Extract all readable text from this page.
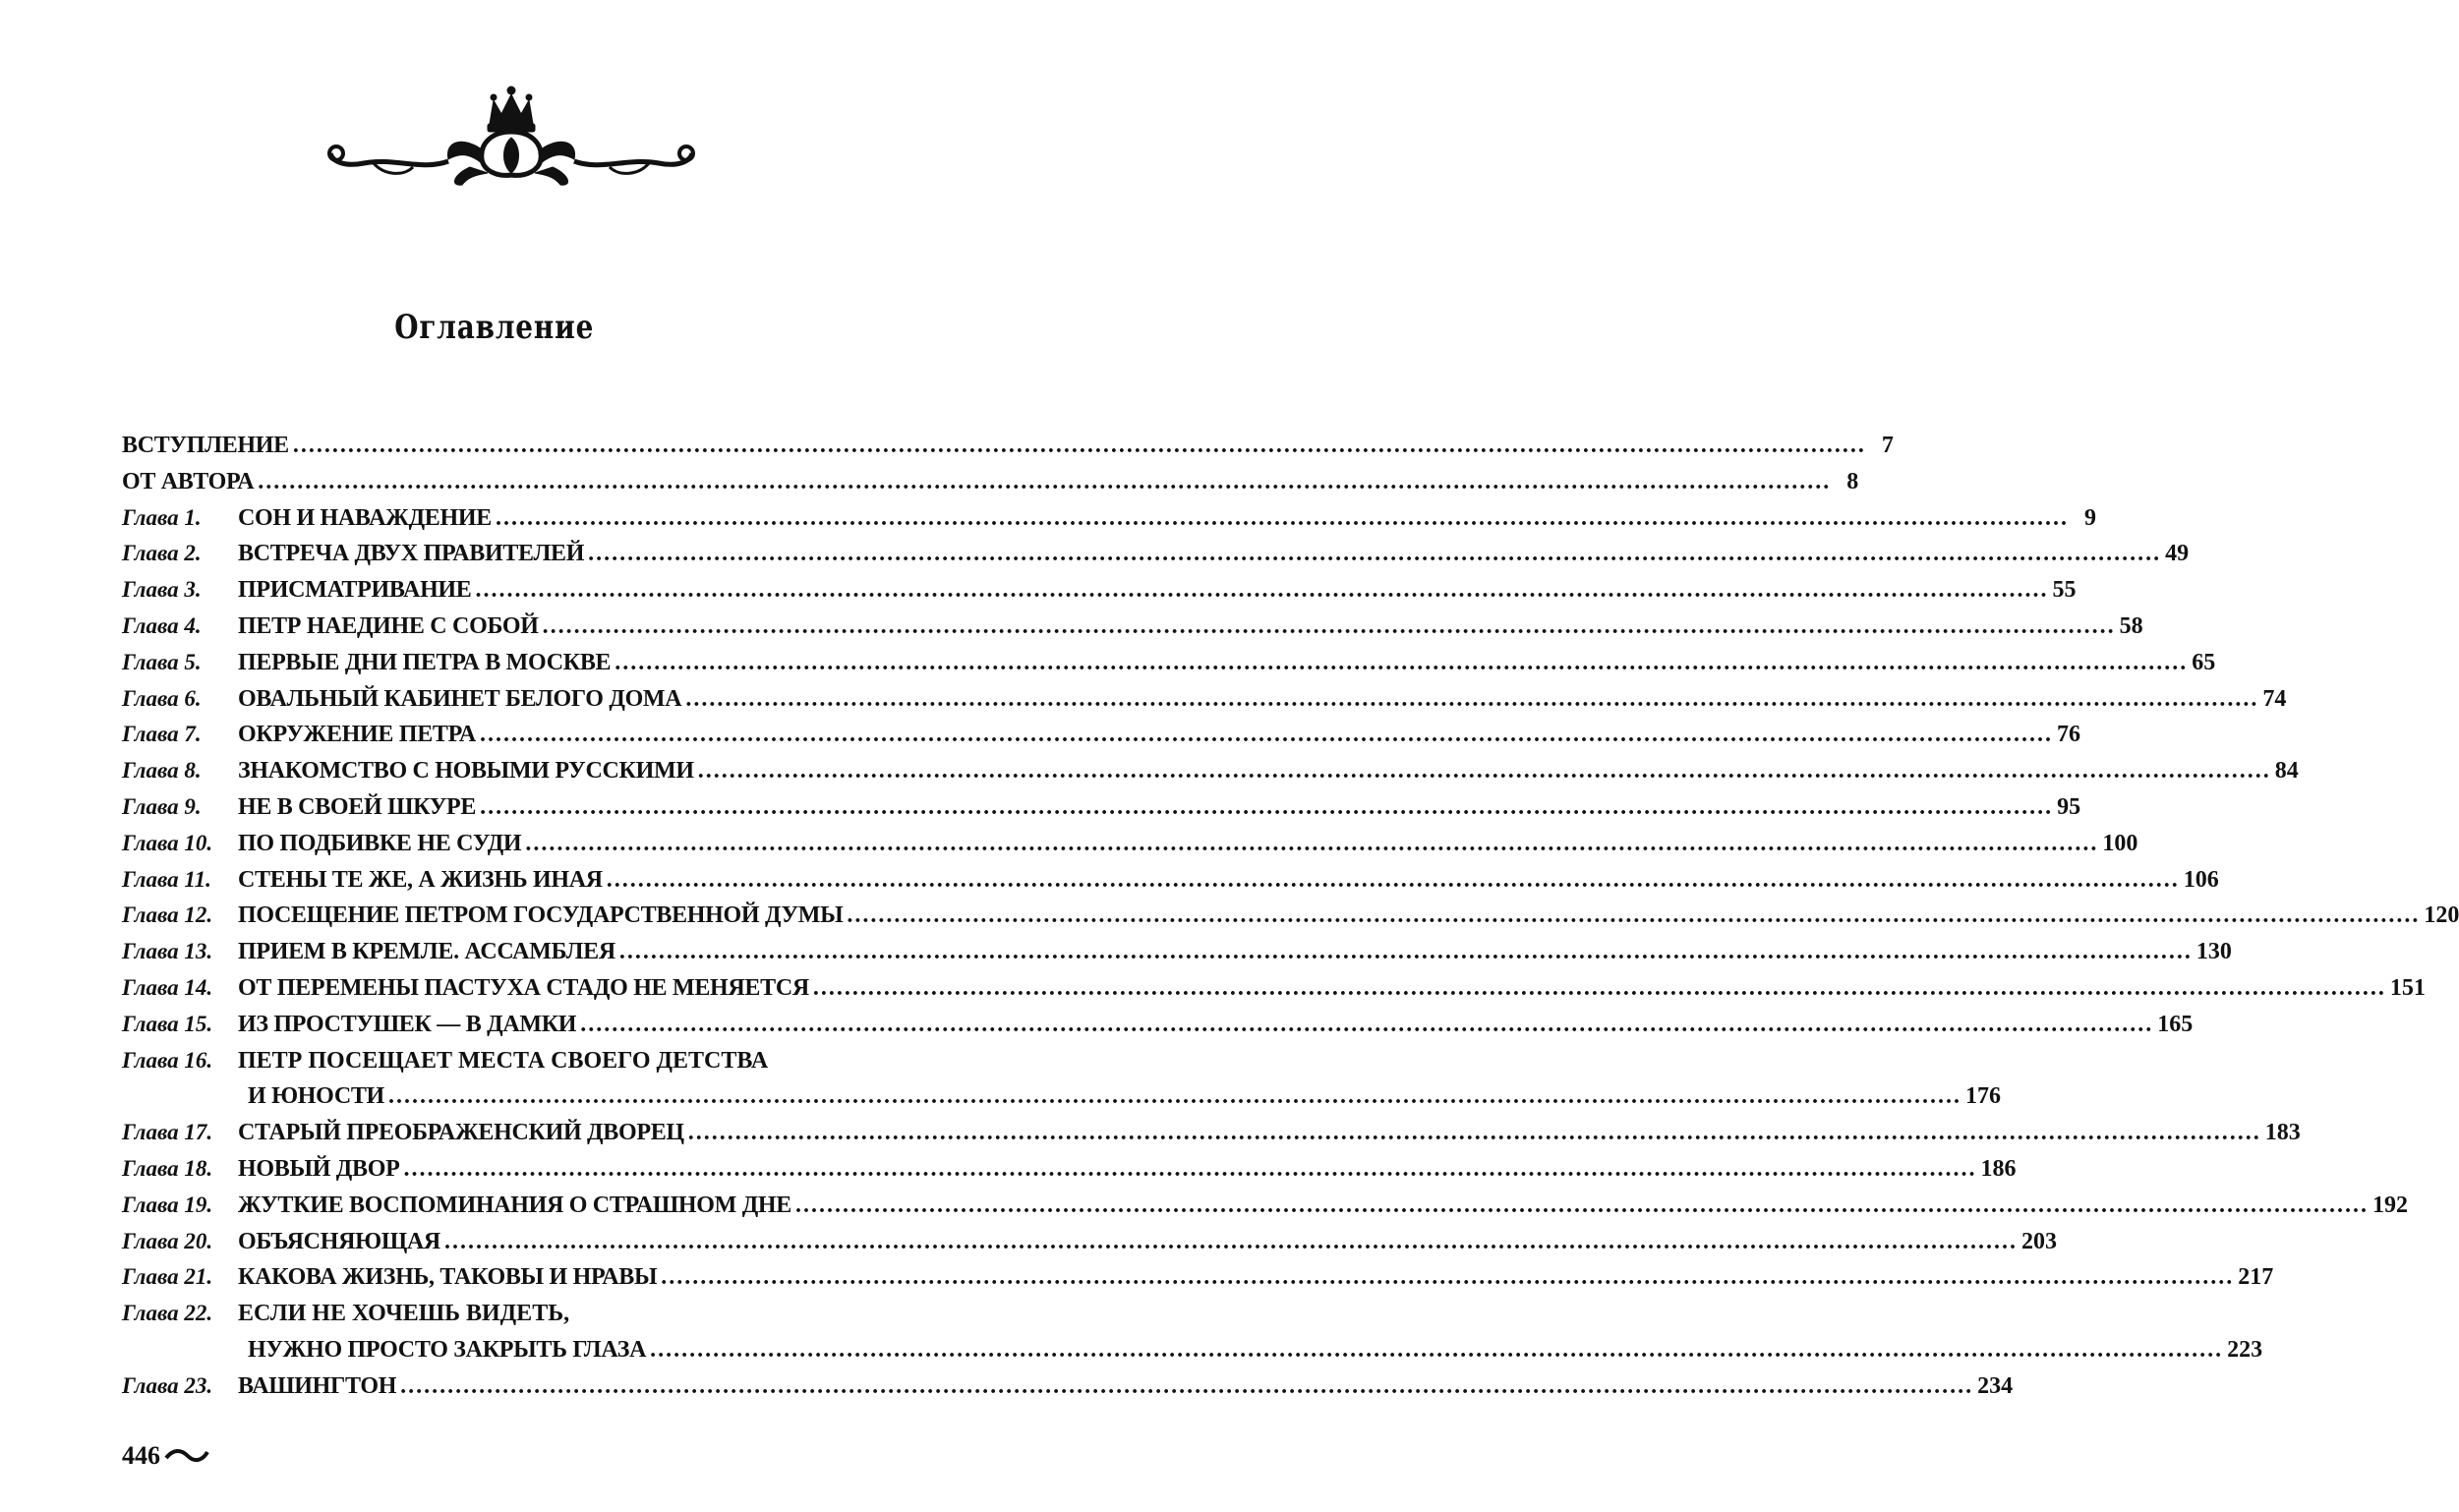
Оглавление
ВСТУПЛЕНИЕ ........................................................................................................................................................................................................ 7
ОТ АВТОРА ........................................................................................................................................................................................................ 8
Глава 1. СОН И НАВАЖДЕНИЕ ........................................................................................................................................................................................................ 9
Глава 2. ВСТРЕЧА ДВУХ ПРАВИТЕЛЕЙ ........................................................................................................................................................................................................ 49
Глава 3. ПРИСМАТРИВАНИЕ ........................................................................................................................................................................................................ 55
Глава 4. ПЕТР НАЕДИНЕ С СОБОЙ ........................................................................................................................................................................................................ 58
Глава 5. ПЕРВЫЕ ДНИ ПЕТРА В МОСКВЕ ........................................................................................................................................................................................................ 65
Глава 6. ОВАЛЬНЫЙ КАБИНЕТ БЕЛОГО ДОМА ........................................................................................................................................................................................................ 74
Глава 7. ОКРУЖЕНИЕ ПЕТРА ........................................................................................................................................................................................................ 76
Глава 8. ЗНАКОМСТВО С НОВЫМИ РУССКИМИ ........................................................................................................................................................................................................ 84
Глава 9. НЕ В СВОЕЙ ШКУРЕ ........................................................................................................................................................................................................ 95
Глава 10. ПО ПОДБИВКЕ НЕ СУДИ ........................................................................................................................................................................................................ 100
Глава 11. СТЕНЫ ТЕ ЖЕ, А ЖИЗНЬ ИНАЯ ........................................................................................................................................................................................................ 106
Глава 12. ПОСЕЩЕНИЕ ПЕТРОМ ГОСУДАРСТВЕННОЙ ДУМЫ ........................................................................................................................................................................................................ 120
Глава 13. ПРИЕМ В КРЕМЛЕ. АССАМБЛЕЯ ........................................................................................................................................................................................................ 130
Глава 14. ОТ ПЕРЕМЕНЫ ПАСТУХА СТАДО НЕ МЕНЯЕТСЯ ........................................................................................................................................................................................................ 151
Глава 15. ИЗ ПРОСТУШЕК — В ДАМКИ ........................................................................................................................................................................................................ 165
Глава 16. ПЕТР ПОСЕЩАЕТ МЕСТА СВОЕГО ДЕТСТВА
И ЮНОСТИ ........................................................................................................................................................................................................ 176
Глава 17. СТАРЫЙ ПРЕОБРАЖЕНСКИЙ ДВОРЕЦ ........................................................................................................................................................................................................ 183
Глава 18. НОВЫЙ ДВОР ........................................................................................................................................................................................................ 186
Глава 19. ЖУТКИЕ ВОСПОМИНАНИЯ О СТРАШНОМ ДНЕ ........................................................................................................................................................................................................ 192
Глава 20. ОБЪЯСНЯЮЩАЯ ........................................................................................................................................................................................................ 203
Глава 21. КАКОВА ЖИЗНЬ, ТАКОВЫ И НРАВЫ ........................................................................................................................................................................................................ 217
Глава 22. ЕСЛИ НЕ ХОЧЕШЬ ВИДЕТЬ,
НУЖНО ПРОСТО ЗАКРЫТЬ ГЛАЗА ........................................................................................................................................................................................................ 223
Глава 23. ВАШИНГТОН ........................................................................................................................................................................................................ 234
446
